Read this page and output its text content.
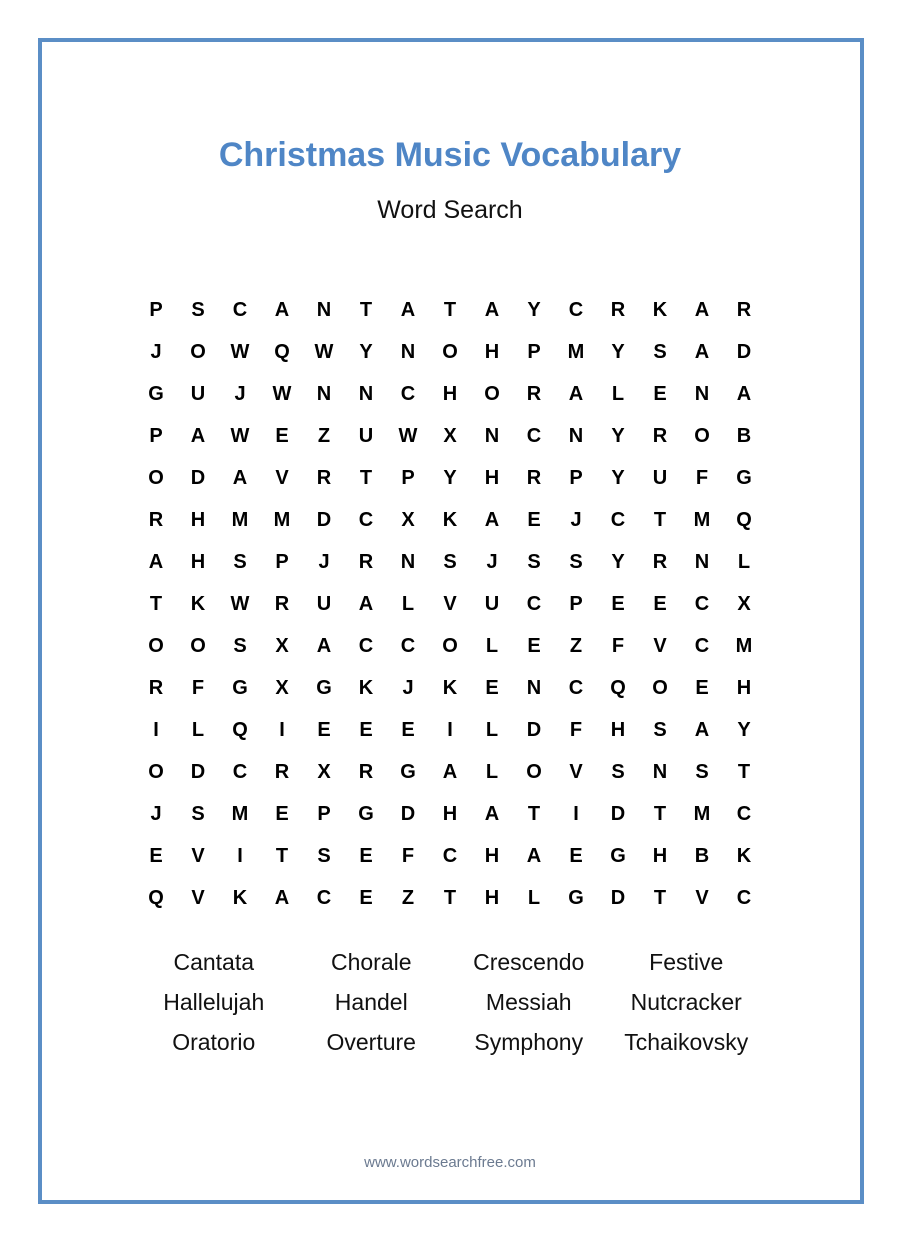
Christmas Music Vocabulary
Word Search
P	S	C	A	N	T	A	T	A	Y	C	R	K	A	R
J	O	W	Q	W	Y	N	O	H	P	M	Y	S	A	D
G	U	J	W	N	N	C	H	O	R	A	L	E	N	A
P	A	W	E	Z	U	W	X	N	C	N	Y	R	O	B
O	D	A	V	R	T	P	Y	H	R	P	Y	U	F	G
R	H	M	M	D	C	X	K	A	E	J	C	T	M	Q
A	H	S	P	J	R	N	S	J	S	S	Y	R	N	L
T	K	W	R	U	A	L	V	U	C	P	E	E	C	X
O	O	S	X	A	C	C	O	L	E	Z	F	V	C	M
R	F	G	X	G	K	J	K	E	N	C	Q	O	E	H
I	L	Q	I	E	E	E	I	L	D	F	H	S	A	Y
O	D	C	R	X	R	G	A	L	O	V	S	N	S	T
J	S	M	E	P	G	D	H	A	T	I	D	T	M	C
E	V	I	T	S	E	F	C	H	A	E	G	H	B	K
Q	V	K	A	C	E	Z	T	H	L	G	D	T	V	C
Cantata	Chorale	Crescendo	Festive
Hallelujah	Handel	Messiah	Nutcracker
Oratorio	Overture	Symphony	Tchaikovsky
www.wordsearchfree.com
